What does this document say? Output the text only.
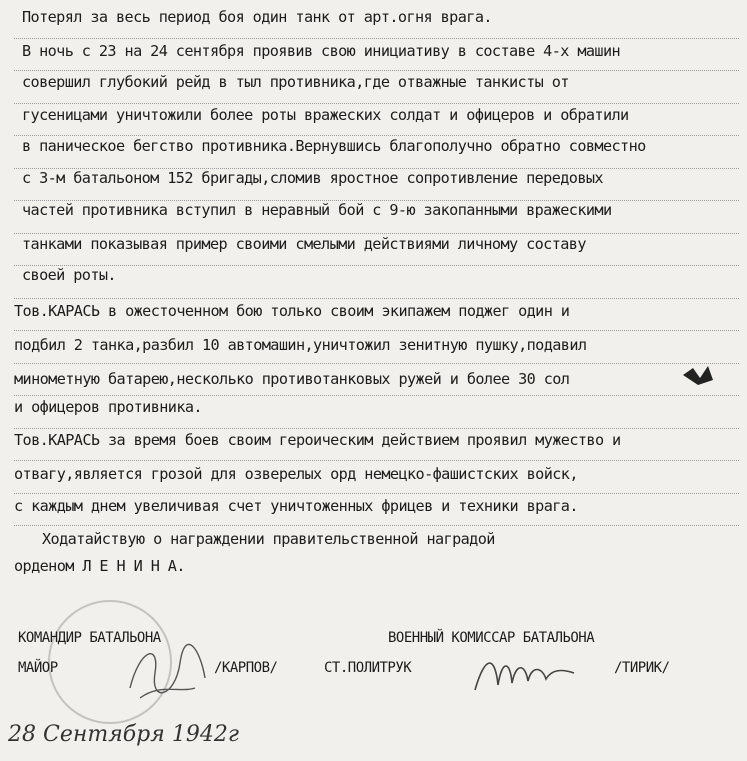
Потерял за весь период боя один танк от арт.огня врага.
В ночь с 23 на 24 сентября проявив свою инициативу в составе 4-х машин
совершил глубокий рейд в тыл противника,где отважные танкисты от
гусеницами уничтожили более роты вражеских солдат и офицеров и обратили
в паническое бегство противника.Вернувшись благополучно обратно совместно
с 3-м батальоном 152 бригады,сломив яростное сопротивление передовых
частей противника вступил в неравный бой с 9-ю закопанными вражескими
танками показывая пример своими смелыми действиями личному составу
своей роты.
Тов.КАРАСЬ в ожесточенном бою только своим экипажем поджег один и
подбил 2 танка,разбил 10 автомашин,уничтожил зенитную пушку,подавил
минометную батарею,несколько противотанковых ружей и более 30 сол
и офицеров противника.
Тов.КАРАСЬ за время боев своим героическим действием проявил мужество и
отвагу,является грозой для озверелых орд немецко-фашистских войск,
с каждым днем увеличивая счет уничтоженных фрицев и техники врага.
Ходатайствую о награждении правительственной наградой
орденом Л Е Н И Н А.
КОМАНДИР БАТАЛЬОНА
МАЙОР	/КАРПОВ/
ВОЕННЫЙ КОМИССАР БАТАЛЬОНА
СТ.ПОЛИТРУК	/ТИРИК/
28 Сентября 1942г
